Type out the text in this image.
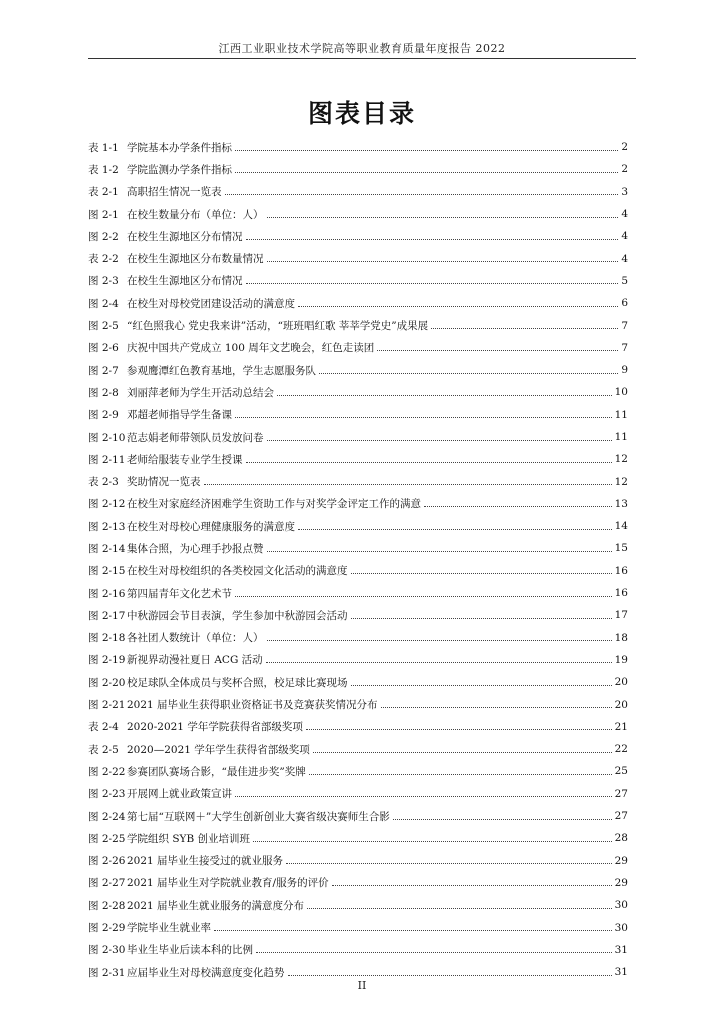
江西工业职业技术学院高等职业教育质量年度报告 2022
图表目录
表 1-1 学院基本办学条件指标	2
表 1-2 学院监测办学条件指标	2
表 2-1 高职招生情况一览表	3
图 2-1 在校生数量分布（单位：人）	4
图 2-2 在校生生源地区分布情况	4
表 2-2 在校生生源地区分布数量情况	4
图 2-3 在校生生源地区分布情况	5
图 2-4 在校生对母校党团建设活动的满意度	6
图 2-5 “红色照我心 党史我来讲”活动，“班班唱红歌 莘莘学党史”成果展	7
图 2-6 庆祝中国共产党成立 100 周年文艺晚会，红色走读团	7
图 2-7 参观鹰潭红色教育基地，学生志愿服务队	9
图 2-8 刘丽萍老师为学生开活动总结会	10
图 2-9 邓超老师指导学生备课	11
图 2-10 范志娟老师带领队员发放问卷	11
图 2-11 老师给服装专业学生授课	12
表 2-3 奖助情况一览表	12
图 2-12 在校生对家庭经济困难学生资助工作与对奖学金评定工作的满意	13
图 2-13 在校生对母校心理健康服务的满意度	14
图 2-14 集体合照，为心理手抄报点赞	15
图 2-15 在校生对母校组织的各类校园文化活动的满意度	16
图 2-16 第四届青年文化艺术节	16
图 2-17 中秋游园会节目表演，学生参加中秋游园会活动	17
图 2-18 各社团人数统计（单位：人）	18
图 2-19 新视界动漫社夏日 ACG 活动	19
图 2-20 校足球队全体成员与奖杯合照，校足球比赛现场	20
图 2-21 2021 届毕业生获得职业资格证书及竞赛获奖情况分布	20
表 2-4 2020-2021 学年学院获得省部级奖项	21
表 2-5 2020—2021 学年学生获得省部级奖项	22
图 2-22 参赛团队赛场合影，“最佳进步奖”奖牌	25
图 2-23 开展网上就业政策宣讲	27
图 2-24 第七届“互联网＋”大学生创新创业大赛省级决赛师生合影	27
图 2-25 学院组织 SYB 创业培训班	28
图 2-26 2021 届毕业生接受过的就业服务	29
图 2-27 2021 届毕业生对学院就业教育/服务的评价	29
图 2-28 2021 届毕业生就业服务的满意度分布	30
图 2-29 学院毕业生就业率	30
图 2-30 毕业生毕业后读本科的比例	31
图 2-31 应届毕业生对母校满意度变化趋势	31
II
